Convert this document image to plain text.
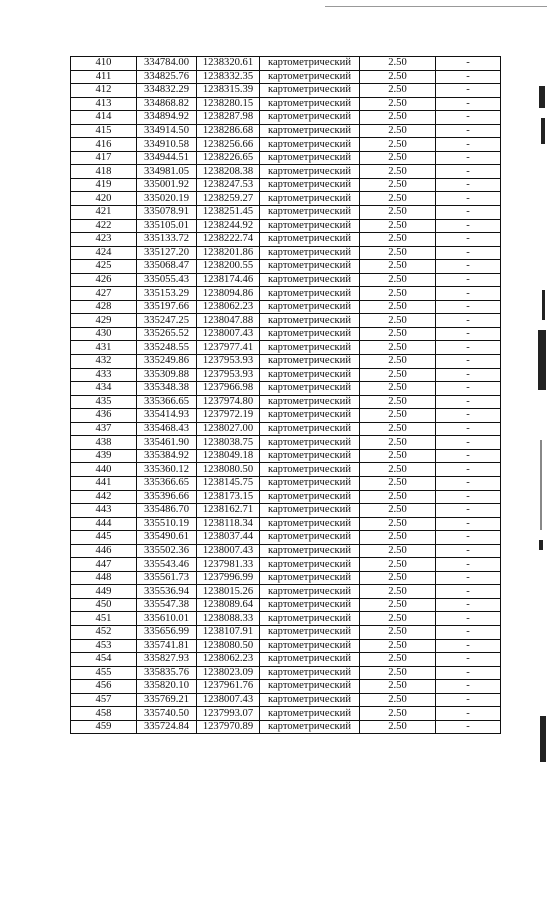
410	334784.00	1238320.61	картометрический	2.50	-
411	334825.76	1238332.35	картометрический	2.50	-
412	334832.29	1238315.39	картометрический	2.50	-
413	334868.82	1238280.15	картометрический	2.50	-
414	334894.92	1238287.98	картометрический	2.50	-
415	334914.50	1238286.68	картометрический	2.50	-
416	334910.58	1238256.66	картометрический	2.50	-
417	334944.51	1238226.65	картометрический	2.50	-
418	334981.05	1238208.38	картометрический	2.50	-
419	335001.92	1238247.53	картометрический	2.50	-
420	335020.19	1238259.27	картометрический	2.50	-
421	335078.91	1238251.45	картометрический	2.50	-
422	335105.01	1238244.92	картометрический	2.50	-
423	335133.72	1238222.74	картометрический	2.50	-
424	335127.20	1238201.86	картометрический	2.50	-
425	335068.47	1238200.55	картометрический	2.50	-
426	335055.43	1238174.46	картометрический	2.50	-
427	335153.29	1238094.86	картометрический	2.50	-
428	335197.66	1238062.23	картометрический	2.50	-
429	335247.25	1238047.88	картометрический	2.50	-
430	335265.52	1238007.43	картометрический	2.50	-
431	335248.55	1237977.41	картометрический	2.50	-
432	335249.86	1237953.93	картометрический	2.50	-
433	335309.88	1237953.93	картометрический	2.50	-
434	335348.38	1237966.98	картометрический	2.50	-
435	335366.65	1237974.80	картометрический	2.50	-
436	335414.93	1237972.19	картометрический	2.50	-
437	335468.43	1238027.00	картометрический	2.50	-
438	335461.90	1238038.75	картометрический	2.50	-
439	335384.92	1238049.18	картометрический	2.50	-
440	335360.12	1238080.50	картометрический	2.50	-
441	335366.65	1238145.75	картометрический	2.50	-
442	335396.66	1238173.15	картометрический	2.50	-
443	335486.70	1238162.71	картометрический	2.50	-
444	335510.19	1238118.34	картометрический	2.50	-
445	335490.61	1238037.44	картометрический	2.50	-
446	335502.36	1238007.43	картометрический	2.50	-
447	335543.46	1237981.33	картометрический	2.50	-
448	335561.73	1237996.99	картометрический	2.50	-
449	335536.94	1238015.26	картометрический	2.50	-
450	335547.38	1238089.64	картометрический	2.50	-
451	335610.01	1238088.33	картометрический	2.50	-
452	335656.99	1238107.91	картометрический	2.50	-
453	335741.81	1238080.50	картометрический	2.50	-
454	335827.93	1238062.23	картометрический	2.50	-
455	335835.76	1238023.09	картометрический	2.50	-
456	335820.10	1237961.76	картометрический	2.50	-
457	335769.21	1238007.43	картометрический	2.50	-
458	335740.50	1237993.07	картометрический	2.50	-
459	335724.84	1237970.89	картометрический	2.50	-
